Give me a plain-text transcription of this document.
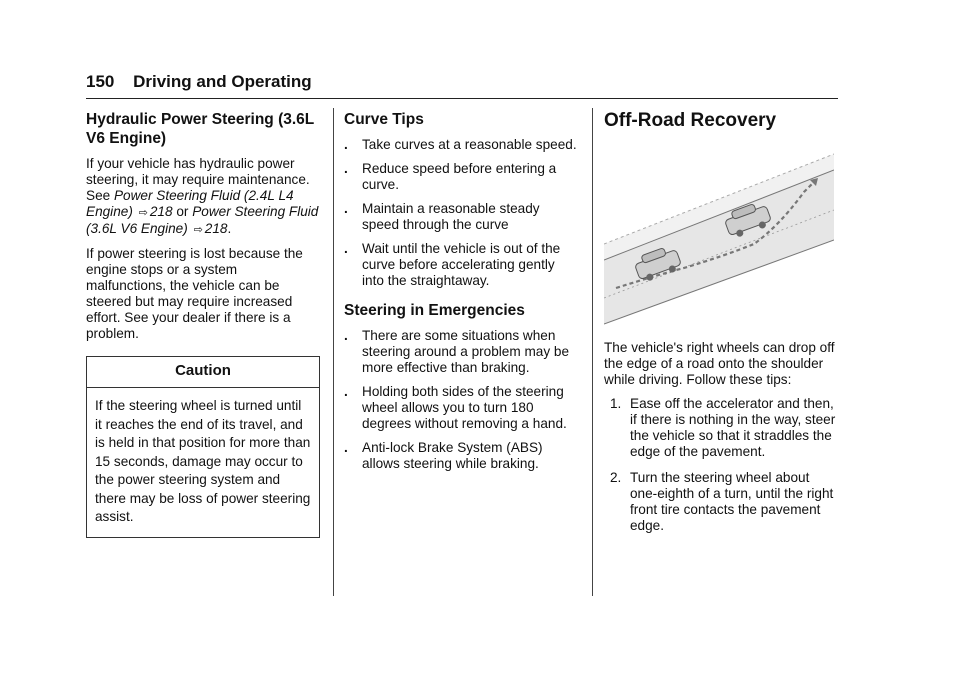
150 Driving and Operating
Hydraulic Power Steering (3.6L V6 Engine)

If your vehicle has hydraulic power steering, it may require maintenance. See Power Steering Fluid (2.4L L4 Engine) ⇨ 218 or Power Steering Fluid (3.6L V6 Engine) ⇨ 218.

If power steering is lost because the engine stops or a system malfunctions, the vehicle can be steered but may require increased effort. See your dealer if there is a problem.

Caution
If the steering wheel is turned until it reaches the end of its travel, and is held in that position for more than 15 seconds, damage may occur to the power steering system and there may be loss of power steering assist.
Curve Tips
. Take curves at a reasonable speed.
. Reduce speed before entering a curve.
. Maintain a reasonable steady speed through the curve
. Wait until the vehicle is out of the curve before accelerating gently into the straightaway.
Steering in Emergencies
. There are some situations when steering around a problem may be more effective than braking.
. Holding both sides of the steering wheel allows you to turn 180 degrees without removing a hand.
. Anti-lock Brake System (ABS) allows steering while braking.
Off-Road Recovery

The vehicle's right wheels can drop off the edge of a road onto the shoulder while driving. Follow these tips:

1. Ease off the accelerator and then, if there is nothing in the way, steer the vehicle so that it straddles the edge of the pavement.
2. Turn the steering wheel about one-eighth of a turn, until the right front tire contacts the pavement edge.
